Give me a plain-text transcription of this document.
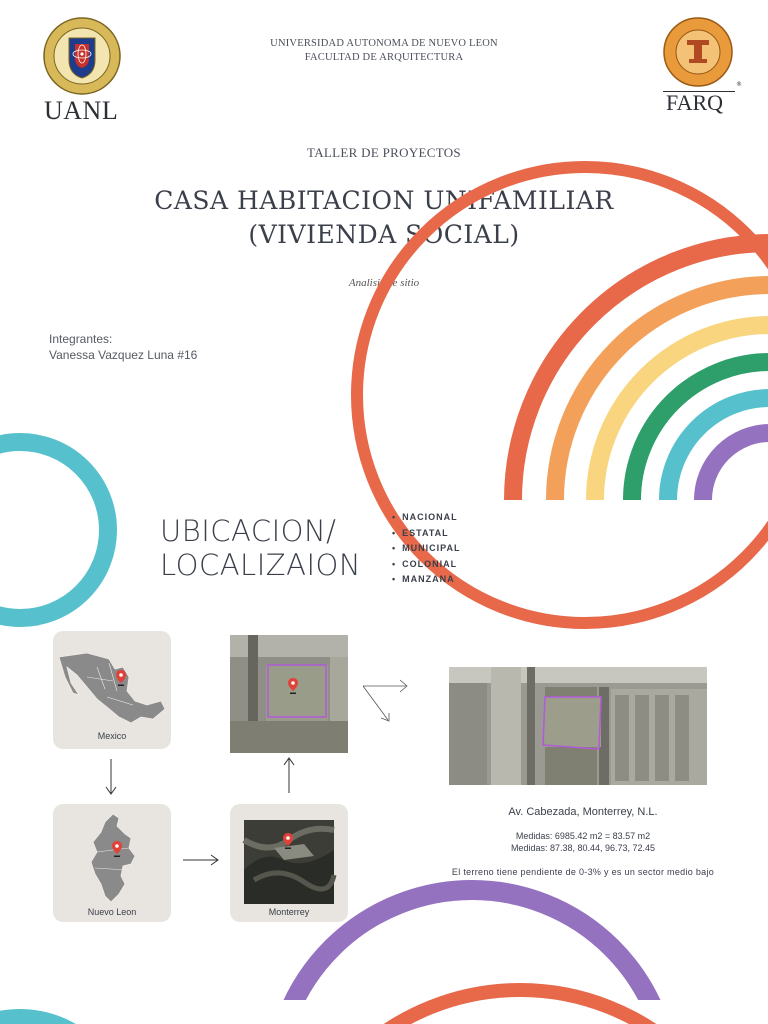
UANL
UNIVERSIDAD AUTONOMA DE NUEVO LEON
FACULTAD DE ARQUITECTURA
®
FARQ
TALLER DE PROYECTOS
CASA HABITACION UNIFAMILIAR
(VIVIENDA SOCIAL)
Analisis de sitio
Integrantes:
Vanessa Vazquez Luna #16
UBICACION/
LOCALIZAION
• NACIONAL
• ESTATAL
• MUNICIPAL
• COLONIAL
• MANZANA
Mexico
Nuevo Leon	Monterrey
Av. Cabezada, Monterrey, N.L.
Medidas: 6985.42 m2 = 83.57 m2
Medidas: 87.38, 80.44, 96.73, 72.45
El terreno tiene pendiente de 0-3% y es un sector medio bajo
